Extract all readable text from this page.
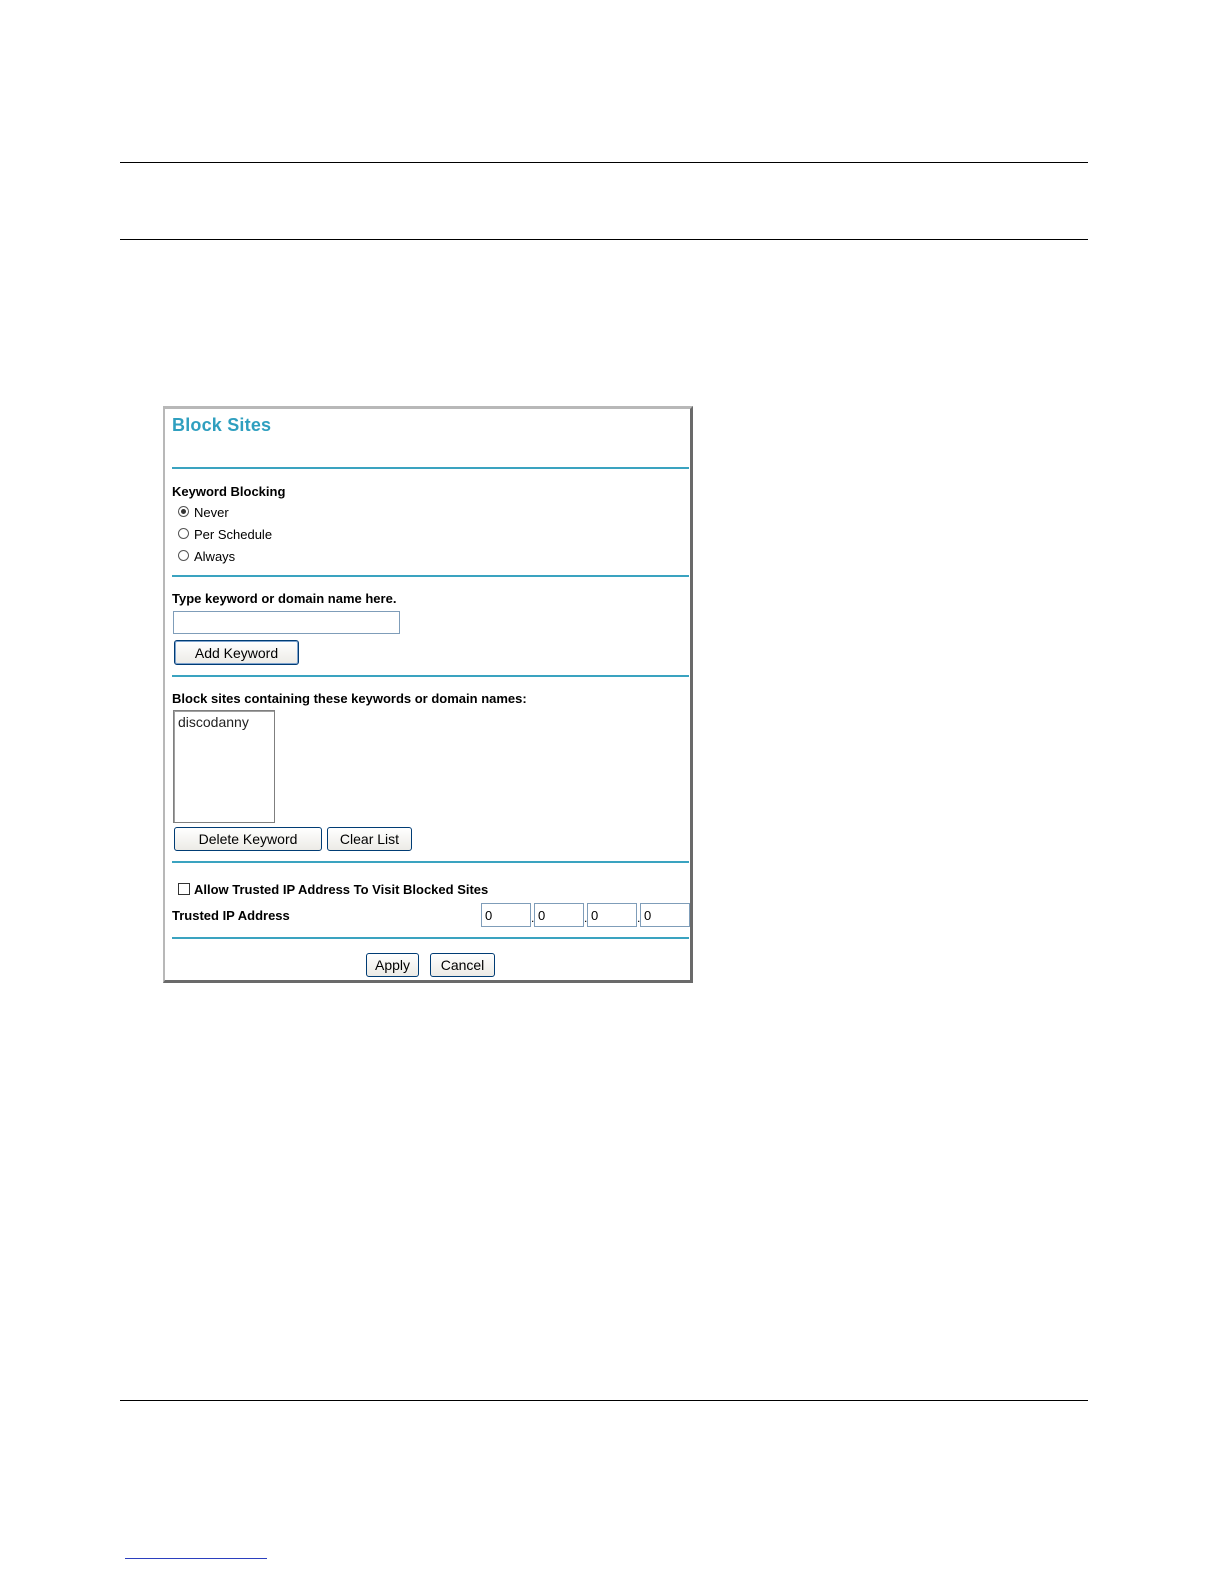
Block Sites
Keyword Blocking
Never
Per Schedule
Always
Type keyword or domain name here.
Add Keyword
Block sites containing these keywords or domain names:
discodanny
Delete Keyword	Clear List
Allow Trusted IP Address To Visit Blocked Sites
Trusted IP Address
0	.
0	.
0	.
0
Apply	Cancel
